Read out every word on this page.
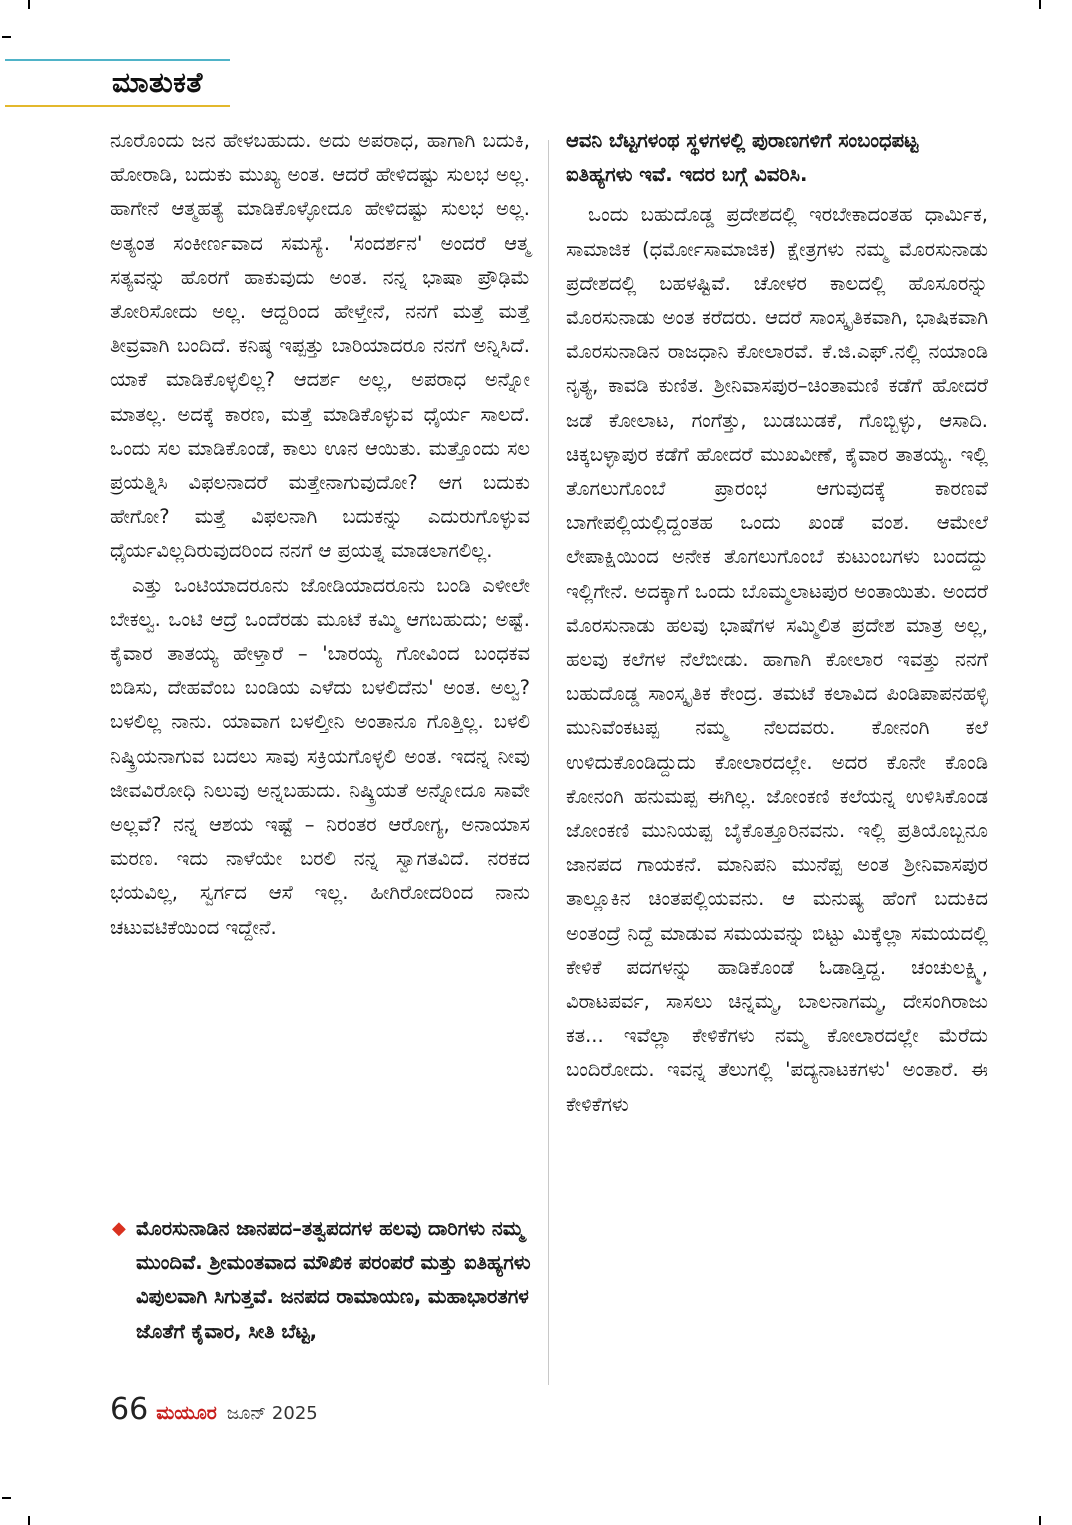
ಮಾತುಕತೆ

ನೂರೊಂದು ಜನ ಹೇಳಬಹುದು. ಅದು ಅಪರಾಧ, ಹಾಗಾಗಿ ಬದುಕಿ, ಹೋರಾಡಿ, ಬದುಕು ಮುಖ್ಯ ಅಂತ. ಆದರೆ ಹೇಳಿದಷ್ಟು ಸುಲಭ ಅಲ್ಲ. ಹಾಗೇನೆ ಆತ್ಮಹತ್ಯೆ ಮಾಡಿಕೊಳ್ಳೋದೂ ಹೇಳಿದಷ್ಟು ಸುಲಭ ಅಲ್ಲ. ಅತ್ಯಂತ ಸಂಕೀರ್ಣವಾದ ಸಮಸ್ಯೆ. 'ಸಂದರ್ಶನ' ಅಂದರೆ ಆತ್ಮ ಸತ್ಯವನ್ನು ಹೊರಗೆ ಹಾಕುವುದು ಅಂತ. ನನ್ನ ಭಾಷಾ ಪ್ರೌಢಿಮೆ ತೋರಿಸೋದು ಅಲ್ಲ. ಆದ್ದರಿಂದ ಹೇಳ್ತೇನೆ, ನನಗೆ ಮತ್ತೆ ಮತ್ತೆ ತೀವ್ರವಾಗಿ ಬಂದಿದೆ. ಕನಿಷ್ಠ ಇಪ್ಪತ್ತು ಬಾರಿಯಾದರೂ ನನಗೆ ಅನ್ನಿಸಿದೆ. ಯಾಕೆ ಮಾಡಿಕೊಳ್ಳಲಿಲ್ಲ? ಆದರ್ಶ ಅಲ್ಲ, ಅಪರಾಧ ಅನ್ನೋ ಮಾತಲ್ಲ. ಅದಕ್ಕೆ ಕಾರಣ, ಮತ್ತೆ ಮಾಡಿಕೊಳ್ಳುವ ಧೈರ್ಯ ಸಾಲದೆ. ಒಂದು ಸಲ ಮಾಡಿಕೊಂಡೆ, ಕಾಲು ಊನ ಆಯಿತು. ಮತ್ತೊಂದು ಸಲ ಪ್ರಯತ್ನಿಸಿ ವಿಫಲನಾದರೆ ಮತ್ತೇನಾಗುವುದೋ? ಆಗ ಬದುಕು ಹೇಗೋ? ಮತ್ತೆ ವಿಫಲನಾಗಿ ಬದುಕನ್ನು ಎದುರುಗೊಳ್ಳುವ ಧೈರ್ಯವಿಲ್ಲದಿರುವುದರಿಂದ ನನಗೆ ಆ ಪ್ರಯತ್ನ ಮಾಡಲಾಗಲಿಲ್ಲ.

ಎತ್ತು ಒಂಟಿಯಾದರೂನು ಜೋಡಿಯಾದರೂನು ಬಂಡಿ ಎಳೀಲೇ ಬೇಕಲ್ವ. ಒಂಟಿ ಆದ್ರೆ ಒಂದೆರಡು ಮೂಟೆ ಕಮ್ಮಿ ಆಗಬಹುದು; ಅಷ್ಟೆ. ಕೈವಾರ ತಾತಯ್ಯ ಹೇಳ್ತಾರೆ – 'ಬಾರಯ್ಯ ಗೋವಿಂದ ಬಂಧಕವ ಬಿಡಿಸು, ದೇಹವೆಂಬ ಬಂಡಿಯ ಎಳೆದು ಬಳಲಿದೆನು' ಅಂತ. ಅಲ್ವ? ಬಳಲಿಲ್ಲ ನಾನು. ಯಾವಾಗ ಬಳಲ್ತೀನಿ ಅಂತಾನೂ ಗೊತ್ತಿಲ್ಲ. ಬಳಲಿ ನಿಷ್ಕ್ರಿಯನಾಗುವ ಬದಲು ಸಾವು ಸಕ್ರಿಯಗೊಳ್ಳಲಿ ಅಂತ. ಇದನ್ನ ನೀವು ಜೀವವಿರೋಧಿ ನಿಲುವು ಅನ್ನಬಹುದು. ನಿಷ್ಕ್ರಿಯತೆ ಅನ್ನೋದೂ ಸಾವೇ ಅಲ್ಲವೆ? ನನ್ನ ಆಶಯ ಇಷ್ಟೆ – ನಿರಂತರ ಆರೋಗ್ಯ, ಅನಾಯಾಸ ಮರಣ. ಇದು ನಾಳೆಯೇ ಬರಲಿ ನನ್ನ ಸ್ವಾಗತವಿದೆ. ನರಕದ ಭಯವಿಲ್ಲ, ಸ್ವರ್ಗದ ಆಸೆ ಇಲ್ಲ. ಹೀಗಿರೋದರಿಂದ ನಾನು ಚಟುವಟಿಕೆಯಿಂದ ಇದ್ದೇನೆ.

◆ ಮೊರಸುನಾಡಿನ ಜಾನಪದ–ತತ್ವಪದಗಳ ಹಲವು ದಾರಿಗಳು ನಮ್ಮ ಮುಂದಿವೆ. ಶ್ರೀಮಂತವಾದ ಮೌಖಿಕ ಪರಂಪರೆ ಮತ್ತು ಐತಿಹ್ಯಗಳು ವಿಪುಲವಾಗಿ ಸಿಗುತ್ತವೆ. ಜನಪದ ರಾಮಾಯಣ, ಮಹಾಭಾರತಗಳ ಜೊತೆಗೆ ಕೈವಾರ, ಸೀತಿ ಬೆಟ್ಟ,

ಆವನಿ ಬೆಟ್ಟಗಳಂಥ ಸ್ಥಳಗಳಲ್ಲಿ ಪುರಾಣಗಳಿಗೆ ಸಂಬಂಧಪಟ್ಟ ಐತಿಹ್ಯಗಳು ಇವೆ. ಇದರ ಬಗ್ಗೆ ವಿವರಿಸಿ.

ಒಂದು ಬಹುದೊಡ್ಡ ಪ್ರದೇಶದಲ್ಲಿ ಇರಬೇಕಾದಂತಹ ಧಾರ್ಮಿಕ, ಸಾಮಾಜಿಕ (ಧರ್ಮೋಸಾಮಾಜಿಕ) ಕ್ಷೇತ್ರಗಳು ನಮ್ಮ ಮೊರಸುನಾಡು ಪ್ರದೇಶದಲ್ಲಿ ಬಹಳಷ್ಟಿವೆ. ಚೋಳರ ಕಾಲದಲ್ಲಿ ಹೊಸೂರನ್ನು ಮೊರಸುನಾಡು ಅಂತ ಕರೆದರು. ಆದರೆ ಸಾಂಸ್ಕೃತಿಕವಾಗಿ, ಭಾಷಿಕವಾಗಿ ಮೊರಸುನಾಡಿನ ರಾಜಧಾನಿ ಕೋಲಾರವೆ. ಕೆ.ಜಿ.ಎಫ್.ನಲ್ಲಿ ನಯಾಂಡಿ ನೃತ್ಯ, ಕಾವಡಿ ಕುಣಿತ. ಶ್ರೀನಿವಾಸಪುರ–ಚಿಂತಾಮಣಿ ಕಡೆಗೆ ಹೋದರೆ ಜಡೆ ಕೋಲಾಟ, ಗಂಗೆತ್ತು, ಬುಡಬುಡಕೆ, ಗೊಬ್ಬಿಳ್ಳು, ಆಸಾದಿ. ಚಿಕ್ಕಬಳ್ಳಾಪುರ ಕಡೆಗೆ ಹೋದರೆ ಮುಖವೀಣೆ, ಕೈವಾರ ತಾತಯ್ಯ. ಇಲ್ಲಿ ತೊಗಲುಗೊಂಬೆ ಪ್ರಾರಂಭ ಆಗುವುದಕ್ಕೆ ಕಾರಣವೆ ಬಾಗೇಪಲ್ಲಿಯಲ್ಲಿದ್ದಂತಹ ಒಂದು ಖಂಡೆ ವಂಶ. ಆಮೇಲೆ ಲೇಪಾಕ್ಷಿಯಿಂದ ಅನೇಕ ತೊಗಲುಗೊಂಬೆ ಕುಟುಂಬಗಳು ಬಂದದ್ದು ಇಲ್ಲಿಗೇನೆ. ಅದಕ್ಕಾಗೆ ಒಂದು ಬೊಮ್ಮಲಾಟಪುರ ಅಂತಾಯಿತು. ಅಂದರೆ ಮೊರಸುನಾಡು ಹಲವು ಭಾಷೆಗಳ ಸಮ್ಮಿಲಿತ ಪ್ರದೇಶ ಮಾತ್ರ ಅಲ್ಲ, ಹಲವು ಕಲೆಗಳ ನೆಲೆಬೀಡು. ಹಾಗಾಗಿ ಕೋಲಾರ ಇವತ್ತು ನನಗೆ ಬಹುದೊಡ್ಡ ಸಾಂಸ್ಕೃತಿಕ ಕೇಂದ್ರ. ತಮಟೆ ಕಲಾವಿದ ಪಿಂಡಿಪಾಪನಹಳ್ಳಿ ಮುನಿವೆಂಕಟಪ್ಪ ನಮ್ಮ ನೆಲದವರು. ಕೋನಂಗಿ ಕಲೆ ಉಳಿದುಕೊಂಡಿದ್ದುದು ಕೋಲಾರದಲ್ಲೇ. ಅದರ ಕೊನೇ ಕೊಂಡಿ ಕೋನಂಗಿ ಹನುಮಪ್ಪ ಈಗಿಲ್ಲ. ಜೋಂಕಣಿ ಕಲೆಯನ್ನ ಉಳಿಸಿಕೊಂಡ ಜೋಂಕಣಿ ಮುನಿಯಪ್ಪ ಬೈಕೊತ್ತೂರಿನವನು. ಇಲ್ಲಿ ಪ್ರತಿಯೊಬ್ಬನೂ ಜಾನಪದ ಗಾಯಕನೆ. ಮಾನಿಪನಿ ಮುನೆಪ್ಪ ಅಂತ ಶ್ರೀನಿವಾಸಪುರ ತಾಲ್ಲೂಕಿನ ಚಿಂತಪಲ್ಲಿಯವನು. ಆ ಮನುಷ್ಯ ಹೆಂಗೆ ಬದುಕಿದ ಅಂತಂದ್ರೆ ನಿದ್ದೆ ಮಾಡುವ ಸಮಯವನ್ನು ಬಿಟ್ಟು ಮಿಕ್ಕೆಲ್ಲಾ ಸಮಯದಲ್ಲಿ ಕೇಳಿಕೆ ಪದಗಳನ್ನು ಹಾಡಿಕೊಂಡೆ ಓಡಾಡ್ತಿದ್ದ. ಚಂಚುಲಕ್ಷ್ಮಿ, ವಿರಾಟಪರ್ವ, ಸಾಸಲು ಚಿನ್ನಮ್ಮ, ಬಾಲನಾಗಮ್ಮ, ದೇಸಂಗಿರಾಜು ಕತ... ಇವೆಲ್ಲಾ ಕೇಳಿಕೆಗಳು ನಮ್ಮ ಕೋಲಾರದಲ್ಲೇ ಮೆರೆದು ಬಂದಿರೋದು. ಇವನ್ನ ತೆಲುಗಲ್ಲಿ 'ಪದ್ಯನಾಟಕಗಳು' ಅಂತಾರೆ. ಈ ಕೇಳಿಕೆಗಳು

66 ಮಯೂರ ಜೂನ್ 2025
